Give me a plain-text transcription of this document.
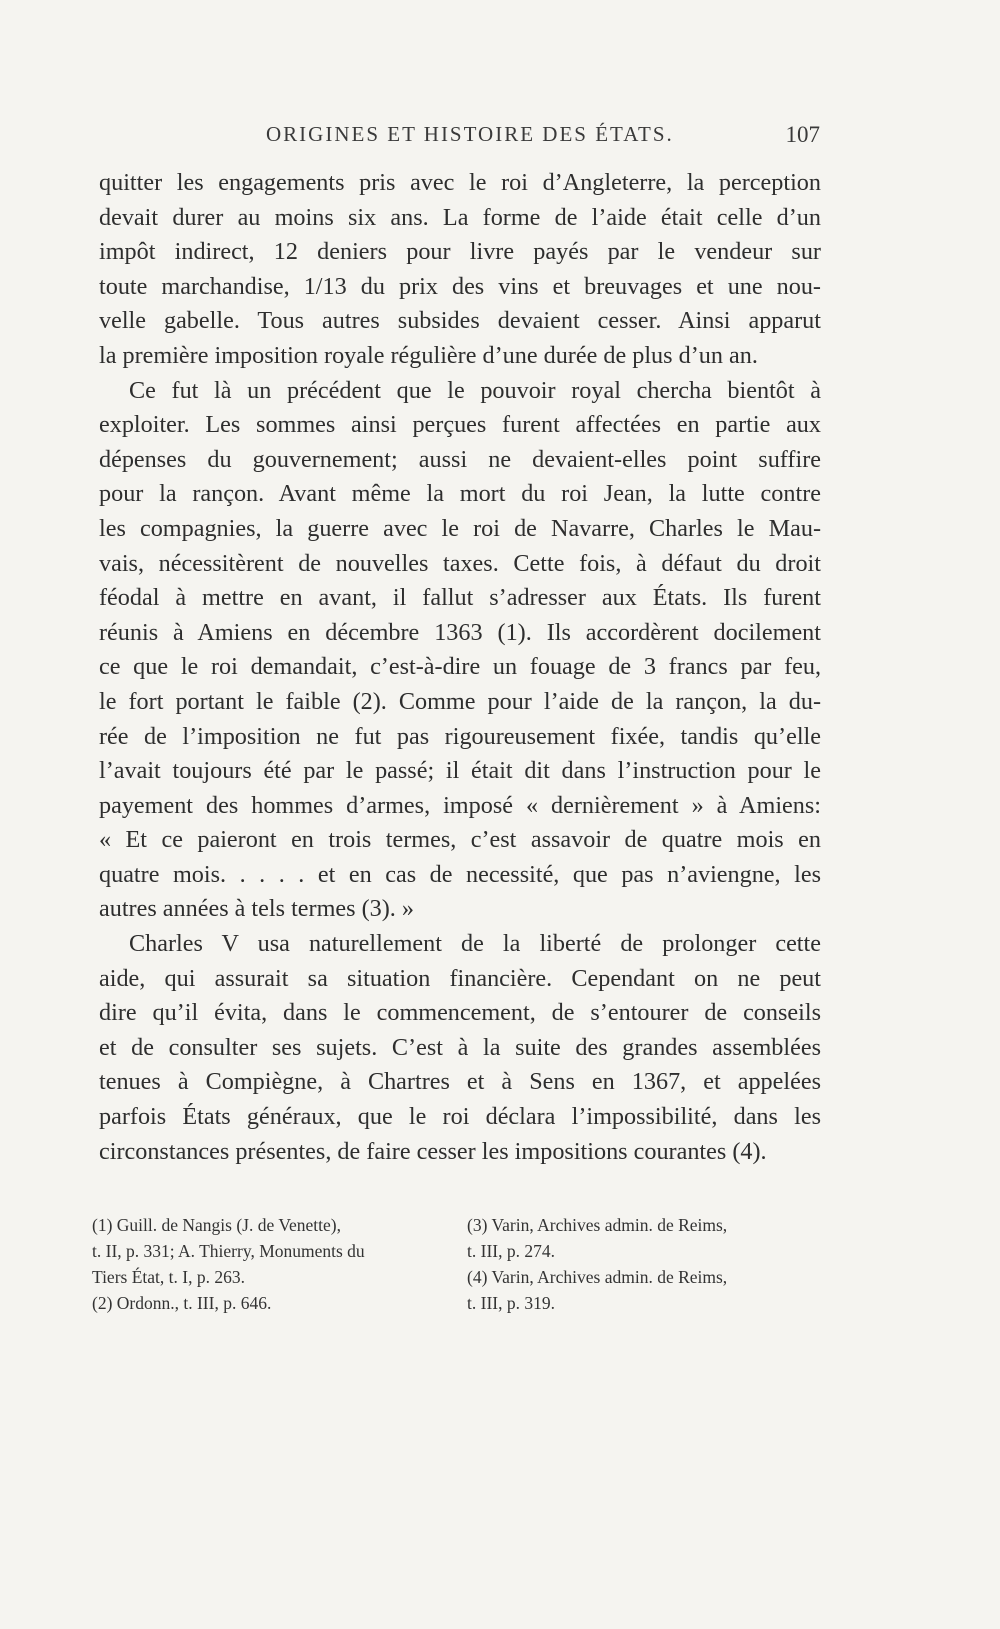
ORIGINES ET HISTOIRE DES ÉTATS.	107
quitter les engagements pris avec le roi d’Angleterre, la perception
devait durer au moins six ans. La forme de l’aide était celle d’un
impôt indirect, 12 deniers pour livre payés par le vendeur sur
toute marchandise, 1/13 du prix des vins et breuvages et une nou-
velle gabelle. Tous autres subsides devaient cesser. Ainsi apparut
la première imposition royale régulière d’une durée de plus d’un an.
Ce fut là un précédent que le pouvoir royal chercha bientôt à
exploiter. Les sommes ainsi perçues furent affectées en partie aux
dépenses du gouvernement; aussi ne devaient-elles point suffire
pour la rançon. Avant même la mort du roi Jean, la lutte contre
les compagnies, la guerre avec le roi de Navarre, Charles le Mau-
vais, nécessitèrent de nouvelles taxes. Cette fois, à défaut du droit
féodal à mettre en avant, il fallut s’adresser aux États. Ils furent
réunis à Amiens en décembre 1363 (1). Ils accordèrent docilement
ce que le roi demandait, c’est-à-dire un fouage de 3 francs par feu,
le fort portant le faible (2). Comme pour l’aide de la rançon, la du-
rée de l’imposition ne fut pas rigoureusement fixée, tandis qu’elle
l’avait toujours été par le passé; il était dit dans l’instruction pour le
payement des hommes d’armes, imposé « dernièrement » à Amiens:
« Et ce paieront en trois termes, c’est assavoir de quatre mois en
quatre mois. . . . . et en cas de necessité, que pas n’aviengne, les
autres années à tels termes (3). »
Charles V usa naturellement de la liberté de prolonger cette
aide, qui assurait sa situation financière. Cependant on ne peut
dire qu’il évita, dans le commencement, de s’entourer de conseils
et de consulter ses sujets. C’est à la suite des grandes assemblées
tenues à Compiègne, à Chartres et à Sens en 1367, et appelées
parfois États généraux, que le roi déclara l’impossibilité, dans les
circonstances présentes, de faire cesser les impositions courantes (4).
(1) Guill. de Nangis (J. de Venette),
t. II, p. 331; A. Thierry, Monuments du
Tiers État, t. I, p. 263.
(2) Ordonn., t. III, p. 646.
(3) Varin, Archives admin. de Reims,
t. III, p. 274.
(4) Varin, Archives admin. de Reims,
t. III, p. 319.
